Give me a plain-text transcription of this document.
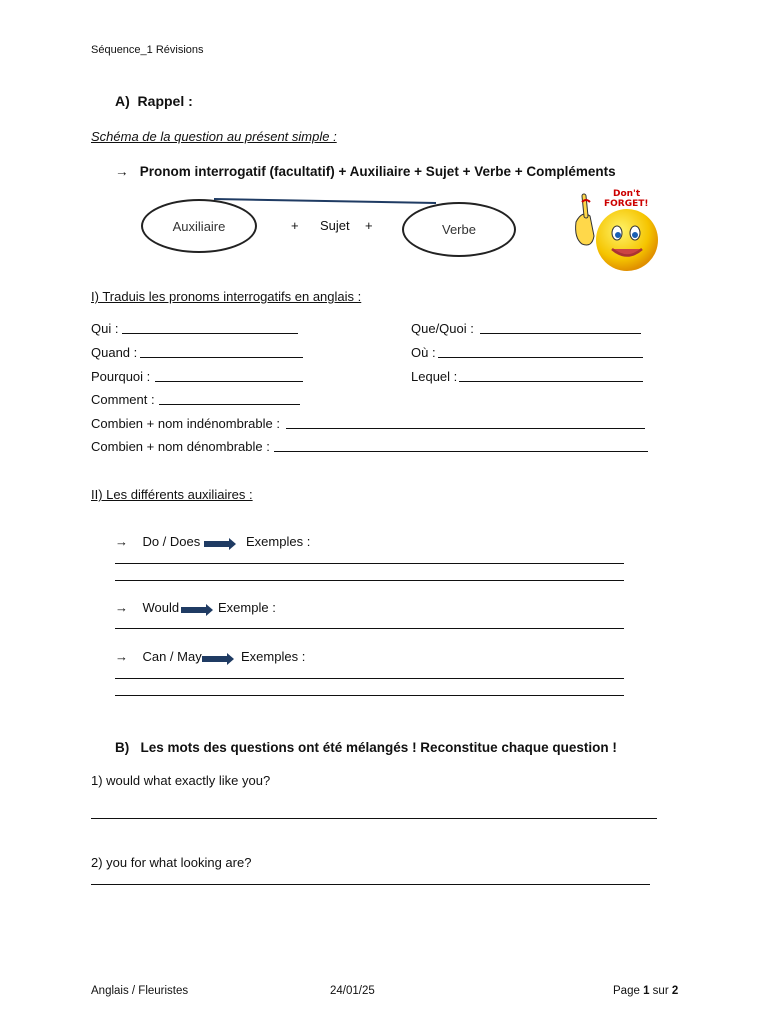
Séquence_1 Révisions
A)  Rappel :
Schéma de la question au présent simple :
→ Pronom interrogatif (facultatif) + Auxiliaire + Sujet + Verbe + Compléments
Auxiliaire	+ Sujet +	Verbe
Don't
FORGET!
I) Traduis les pronoms interrogatifs en anglais :
Qui :	Que/Quoi :
Quand :	Où :
Pourquoi :	Lequel :
Comment :
Combien + nom indénombrable :
Combien + nom dénombrable :
II) Les différents auxiliaires :
→ Do / Does	Exemples :
→ Would	Exemple :
→ Can / May	Exemples :
B)   Les mots des questions ont été mélangés ! Reconstitue chaque question !
1) would what exactly like you?
2) you for what looking are?
Anglais / Fleuristes	24/01/25	Page 1 sur 2
